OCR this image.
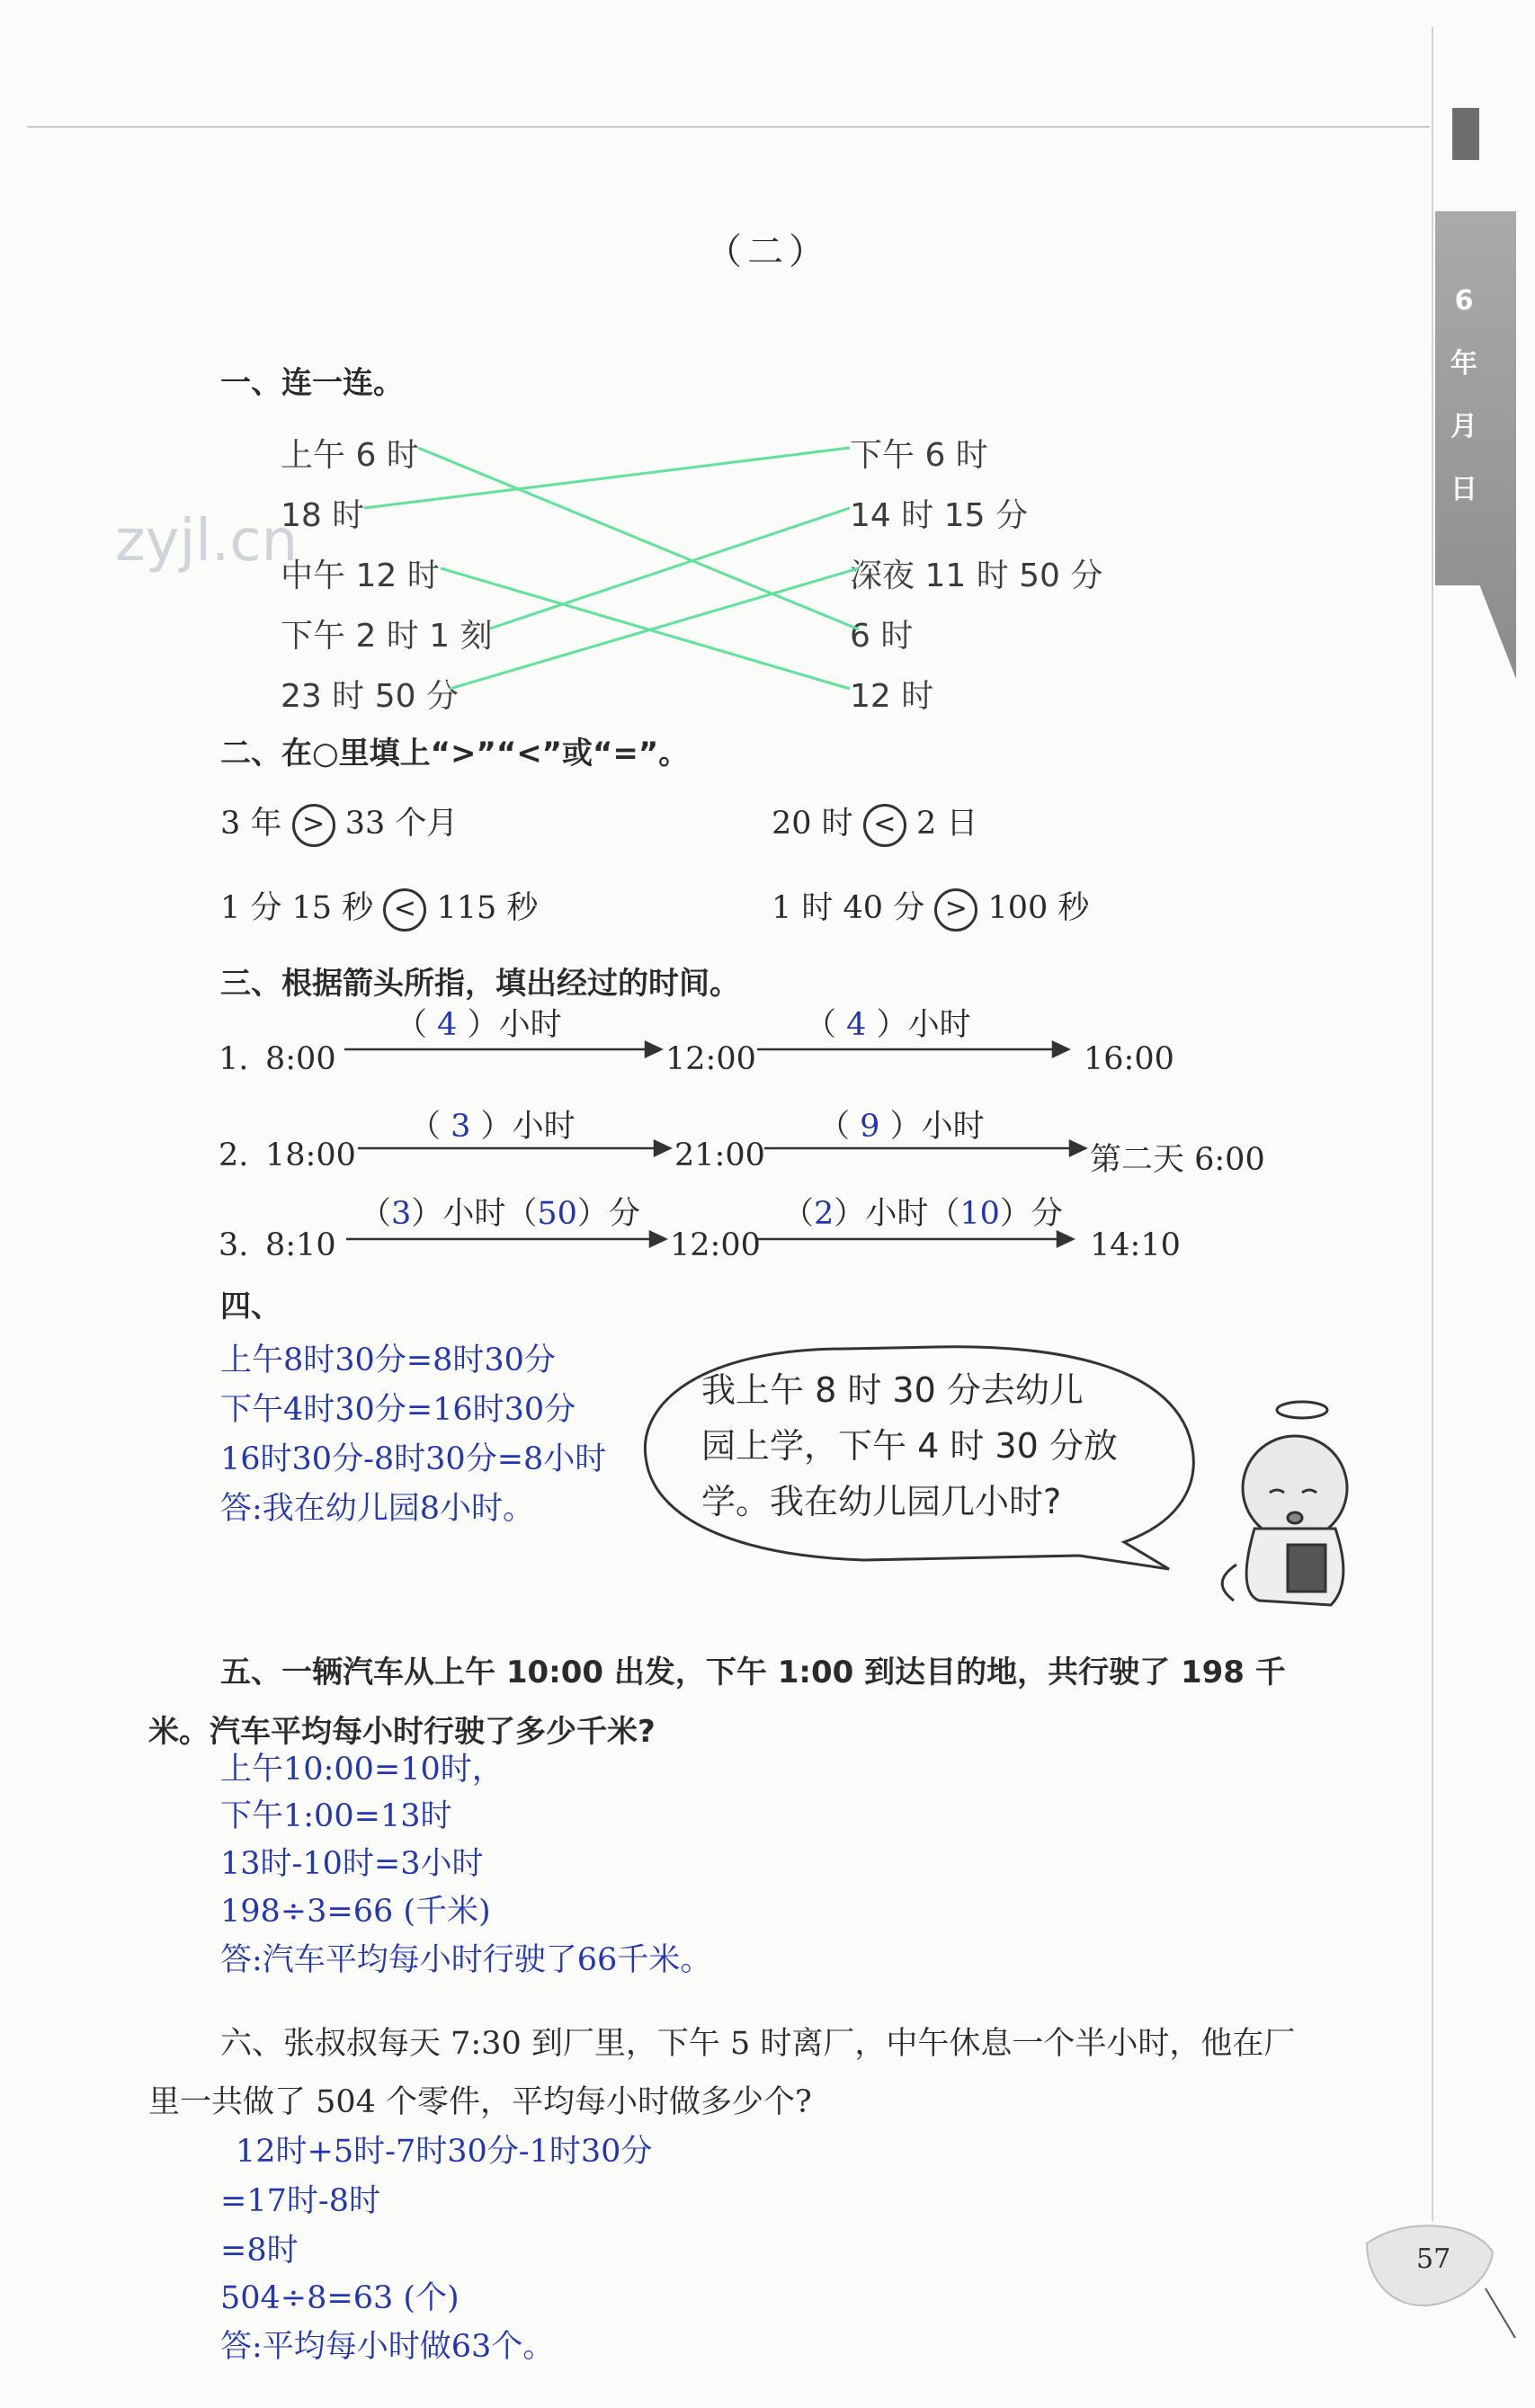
6
年
月
日
（二）
一、连一连。
zyjl.cn
上午 6 时
18 时
中午 12 时
下午 2 时 1 刻
23 时 50 分
下午 6 时
14 时 15 分
深夜 11 时 50 分
6 时
12 时
二、在○里填上“>”“<”或“=”。
3 年 > 33 个月	20 时 < 2 日
1 分 15 秒 < 115 秒	1 时 40 分 > 100 秒
三、根据箭头所指，填出经过的时间。
1. 8:00	12:00	16:00
（ 4 ）小时	（ 4 ）小时
2. 18:00	21:00	第二天 6:00
（ 3 ）小时	（ 9 ）小时
3. 8:10	12:00	14:10
（3）小时（50）分	（2）小时（10）分
四、
上午8时30分=8时30分
下午4时30分=16时30分
16时30分-8时30分=8小时
答:我在幼儿园8小时。
我上午 8 时 30 分去幼儿
园上学，下午 4 时 30 分放
学。我在幼儿园几小时?
五、一辆汽车从上午 10:00 出发，下午 1:00 到达目的地，共行驶了 198 千
米。汽车平均每小时行驶了多少千米?
上午10:00=10时，
下午1:00=13时
13时-10时=3小时
198÷3=66 (千米)
答:汽车平均每小时行驶了66千米。
六、张叔叔每天 7:30 到厂里，下午 5 时离厂，中午休息一个半小时，他在厂
里一共做了 504 个零件，平均每小时做多少个?
12时+5时-7时30分-1时30分
=17时-8时
=8时
504÷8=63 (个)
答:平均每小时做63个。
57
